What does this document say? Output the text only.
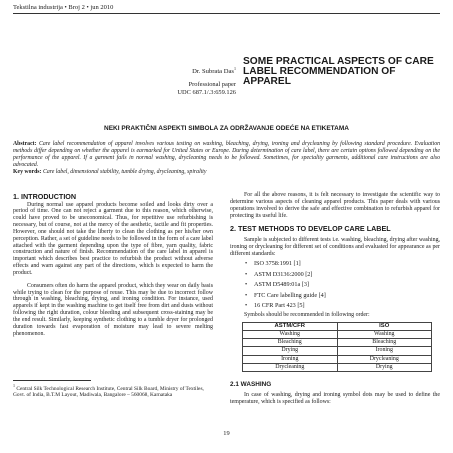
Tekstilna industrija • Broj 2 • jun 2010
Dr. Subrata Das$^1$
Professional paper
UDC 687.1/.3:659.126
SOME PRACTICAL ASPECTS OF CARE LABEL RECOMMENDATION OF APPAREL
NEKI PRAKTIČNI ASPEKTI SIMBOLA ZA ODRŽAVANJE ODEĆE NA ETIKETAMA
Abstract: Care label recommendation of apparel involves various testing on washing, bleaching, drying, ironing and drycleaning by following standard procedure. Evaluation methods differ depending on whether the apparel is earmarked for United States or Europe. During determination of care label, there are certain options followed depending on the performance of the apparel. If a garment fails in normal washing, drycleaning needs to be followed. Sometimes, for speciality garments, additional care instructions are also advocated.
Key words: Care label, dimensional stability, tumble drying, drycleaning, spirality
1. INTRODUCTION
During normal use apparel products become soiled and looks dirty over a period of time. One can not reject a garment due to this reason, which otherwise, could have proved to be uneconomical. Thus, for repetitive use refurbishing is necessary, but of course, not at the mercy of the aesthetic, tactile and fit properties. However, one should not take the liberty to clean the clothing as per his/her own perception. Rather, a set of guideline needs to be followed in the form of a care label attached with the garment depending upon the type of fibre, yarn quality, fabric construction and nature of finish. Recommendation of the care label in apparel is important which describes best practice to refurbish the product without adverse effects and warn against any part of the directions, which is expected to harm the product.
Consumers often do harm the apparel product, which they wear on daily basis while trying to clean for the purpose of reuse. This may be due to incorrect follow through in washing, bleaching, drying, and ironing condition. For instance, used apparels if kept in the washing machine to get itself free from dirt and dusts without following the right duration, colour bleeding and subsequent cross-staining may be the end result. Similarly, keeping synthetic clothing to a tumble dryer for prolonged duration towards fast evaporation of moisture may lead to severe melting phenomenon.
$^1$ Central Silk Technological Research Institute, Central Silk Board, Ministry of Textiles, Govt. of India, B.T.M Layout, Madiwala, Bangalore – 560068, Karnataka
For all the above reasons, it is felt necessary to investigate the scientific way to determine various aspects of cleaning apparel products. This paper deals with various operations involved to derive the safe and effective combination to refurbish apparel for protecting its useful life.
2. TEST METHODS TO DEVELOP CARE LABEL
Sample is subjected to different tests i.e. washing, bleaching, drying after washing, ironing or drycleaning for different set of conditions and evaluated for appearance as per different standards:
• ISO 3758:1991 [1]
• ASTM D3136:2000 [2]
• ASTM D5489:01a [3]
• FTC Care labelling guide [4]
• 16 CFR Part 423 [5]
Symbols should be recommended in following order:
ASTM/CFR	ISO
Washing	Washing
Bleaching	Bleaching
Drying	Ironing
Ironing	Drycleaning
Drycleaning	Drying
2.1 WASHING
In case of washing, drying and ironing symbol dots may be used to define the temperature, which is specified as follows:
19
